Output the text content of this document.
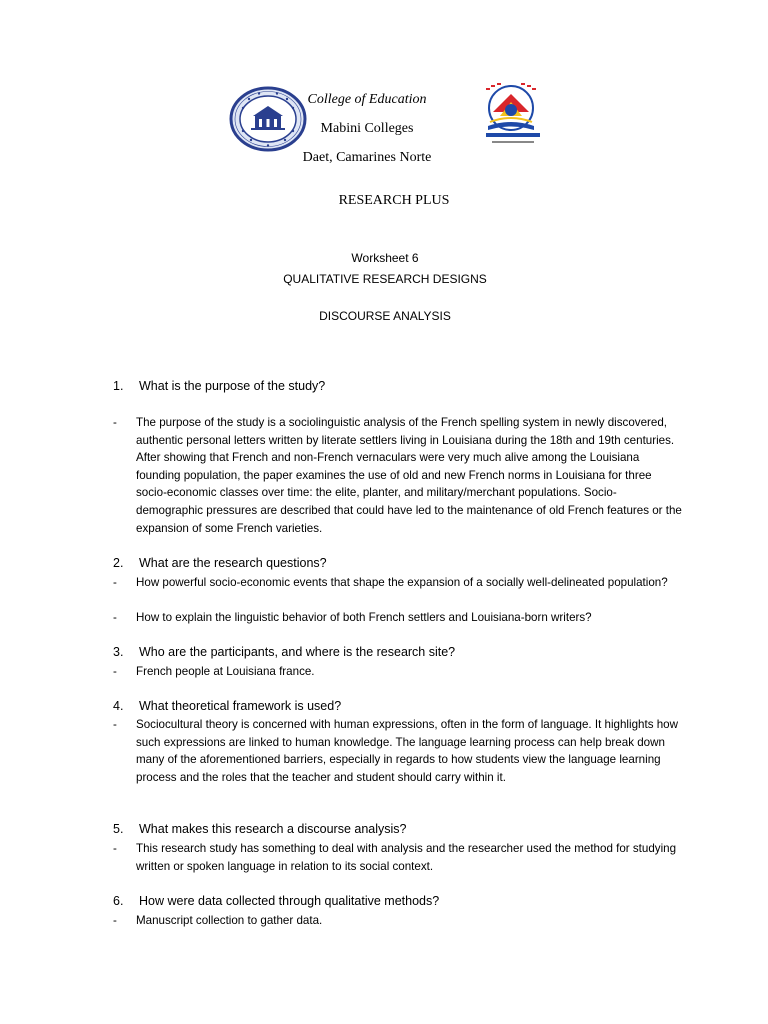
College of Education
Mabini Colleges
Daet, Camarines Norte
RESEARCH PLUS
Worksheet 6
QUALITATIVE RESEARCH DESIGNS
DISCOURSE ANALYSIS
1. What is the purpose of the study?
- The purpose of the study is a sociolinguistic analysis of the French spelling system in newly discovered, authentic personal letters written by literate settlers living in Louisiana during the 18th and 19th centuries. After showing that French and non-French vernaculars were very much alive among the Louisiana founding population, the paper examines the use of old and new French norms in Louisiana for three socio-economic classes over time: the elite, planter, and military/merchant populations. Socio-demographic pressures are described that could have led to the maintenance of old French features or the expansion of some French varieties.
2. What are the research questions?
- How powerful socio-economic events that shape the expansion of a socially well-delineated population?
- How to explain the linguistic behavior of both French settlers and Louisiana-born writers?
3. Who are the participants, and where is the research site?
- French people at Louisiana france.
4. What theoretical framework is used?
- Sociocultural theory is concerned with human expressions, often in the form of language. It highlights how such expressions are linked to human knowledge. The language learning process can help break down many of the aforementioned barriers, especially in regards to how students view the language learning process and the roles that the teacher and student should carry within it.
5. What makes this research a discourse analysis?
- This research study has something to deal with analysis and the researcher used the method for studying written or spoken language in relation to its social context.
6. How were data collected through qualitative methods?
- Manuscript collection to gather data.
